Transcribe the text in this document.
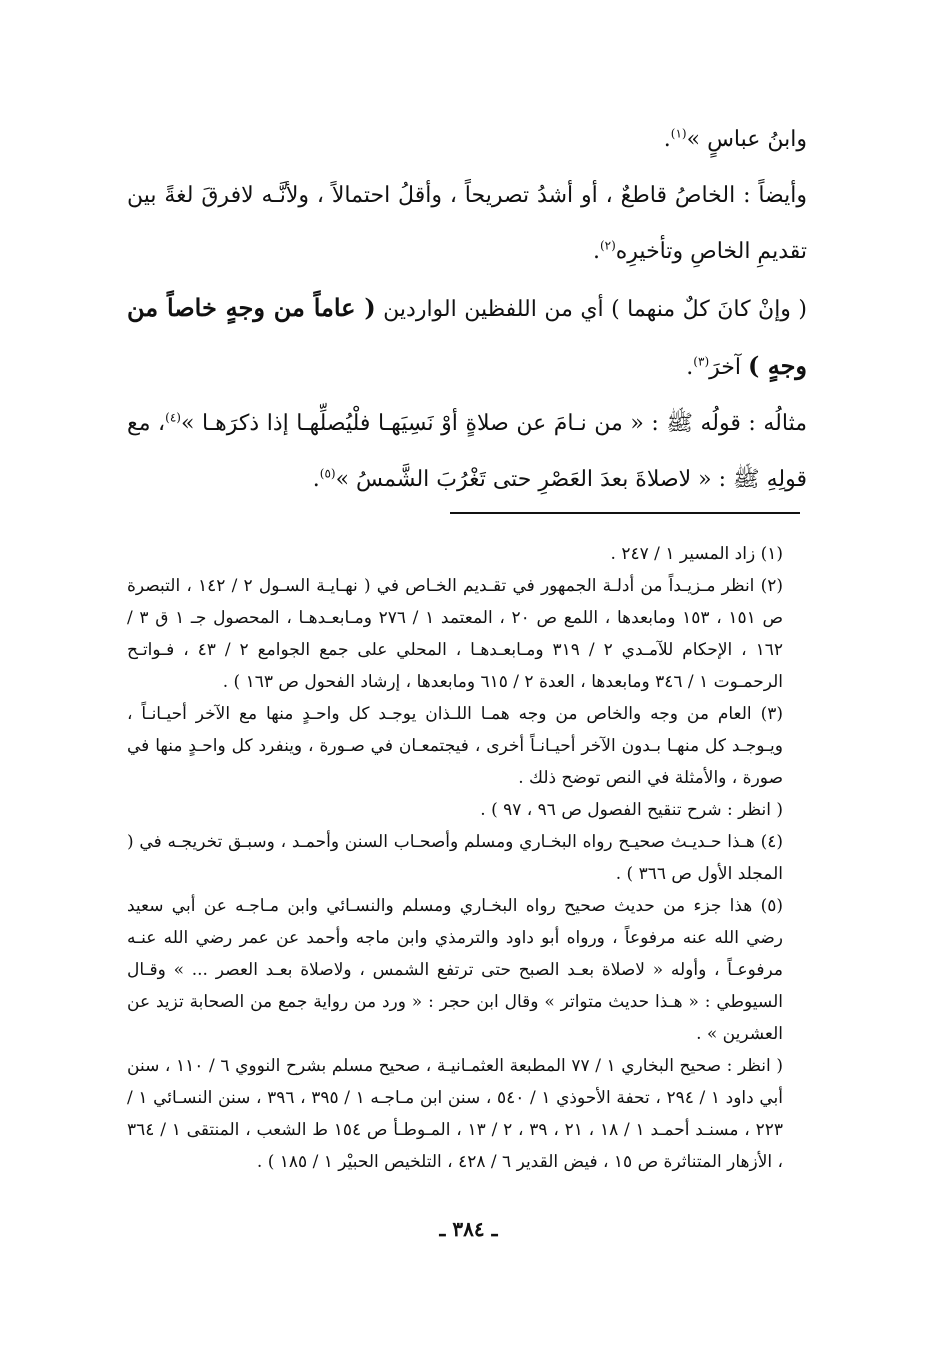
وابنُ عباسٍ »$^{(١)}$.

وأيضاً : الخاصُ قاطعٌ ، أو أشدُ تصريحاً ، وأقلُ احتمالاً ، ولأنَّـه لافرقَ لغةً بين تقديمِ الخاصِ وتأخيرِه$^{(٢)}$.

( وإنْ كانَ كلٌ منهما ) أي من اللفظين الواردين ( عاماً من وجهٍ خاصاً من وجهٍ ) آخرَ$^{(٣)}$.

مثالُه : قولُه ﷺ : « من نـامَ عن صلاةٍ أوْ نَسِيَهـا فلْيُصلِّهـا إذا ذكرَهـا »$^{(٤)}$، مع قولِهِ ﷺ : « لاصلاةَ بعدَ العَصْرِ حتى تَغْرُبَ الشَّمسُ »$^{(٥)}$.

(١) زاد المسير ١ / ٢٤٧ .

(٢) انظر مـزيـداً من أدلـة الجمهور في تقـديم الخـاص في ( نهـايـة السـول ٢ / ١٤٢ ، التبصرة ص ١٥١ ، ١٥٣ ومابعدها ، اللمع ص ٢٠ ، المعتمد ١ / ٢٧٦ ومـابعـدهـا ، المحصول جـ ١ ق ٣ / ١٦٢ ، الإحكام للآمـدي ٢ / ٣١٩ ومـابعـدهـا ، المحلي على جمع الجوامع ٢ / ٤٣ ، فـواتـح الرحمـوت ١ / ٣٤٦ ومابعدها ، العدة ٢ / ٦١٥ ومابعدها ، إرشاد الفحول ص ١٦٣ ) .

(٣) العام من وجه والخاص من وجه همـا اللـذان يوجـد كل واحـدٍ منها مع الآخر أحيـانـاً ، ويـوجـد كل منهـا بـدون الآخر أحيـانـاً أخرى ، فيجتمعـان في صـورة ، وينفرد كل واحـدٍ منها في صورة ، والأمثلة في النص توضح ذلك .

( انظر : شرح تنقيح الفصول ص ٩٦ ، ٩٧ ) .

(٤) هـذا حـديـث صحيـح رواه البخـاري ومسلم وأصحـاب السنن وأحمـد ، وسبـق تخريجـه في ( المجلد الأول ص ٣٦٦ ) .

(٥) هذا جزء من حديث صحيح رواه البخـاري ومسلم والنسـائي وابن مـاجـه عن أبي سعيد رضي الله عنه مرفوعاً ، ورواه أبو داود والترمذي وابن ماجه وأحمد عن عمر رضي الله عنـه مرفوعـاً ، وأوله « لاصلاة بعـد الصبح حتى ترتفع الشمس ، ولاصلاة بعـد العصر ... » وقـال السيوطي : « هـذا حديث متواتر » وقال ابن حجر : « ورد من رواية جمع من الصحابة تزيد عن العشرين » .

( انظر : صحيح البخاري ١ / ٧٧ المطبعة العثمـانيـة ، صحيح مسلم بشرح النووي ٦ / ١١٠ ، سنن أبي داود ١ / ٢٩٤ ، تحفة الأحوذي ١ / ٥٤٠ ، سنن ابن مـاجـه ١ / ٣٩٥ ، ٣٩٦ ، سنن النسـائي ١ / ٢٢٣ ، مسنـد أحمـد ١ / ١٨ ، ٢١ ، ٣٩ ، ٢ / ١٣ ، المـوطـأ ص ١٥٤ ط الشعب ، المنتقى ١ / ٣٦٤ ، الأزهار المتناثرة ص ١٥ ، فيض القدير ٦ / ٤٢٨ ، التلخيص الحبيْر ١ / ١٨٥ ) .

ـ ٣٨٤ ـ
